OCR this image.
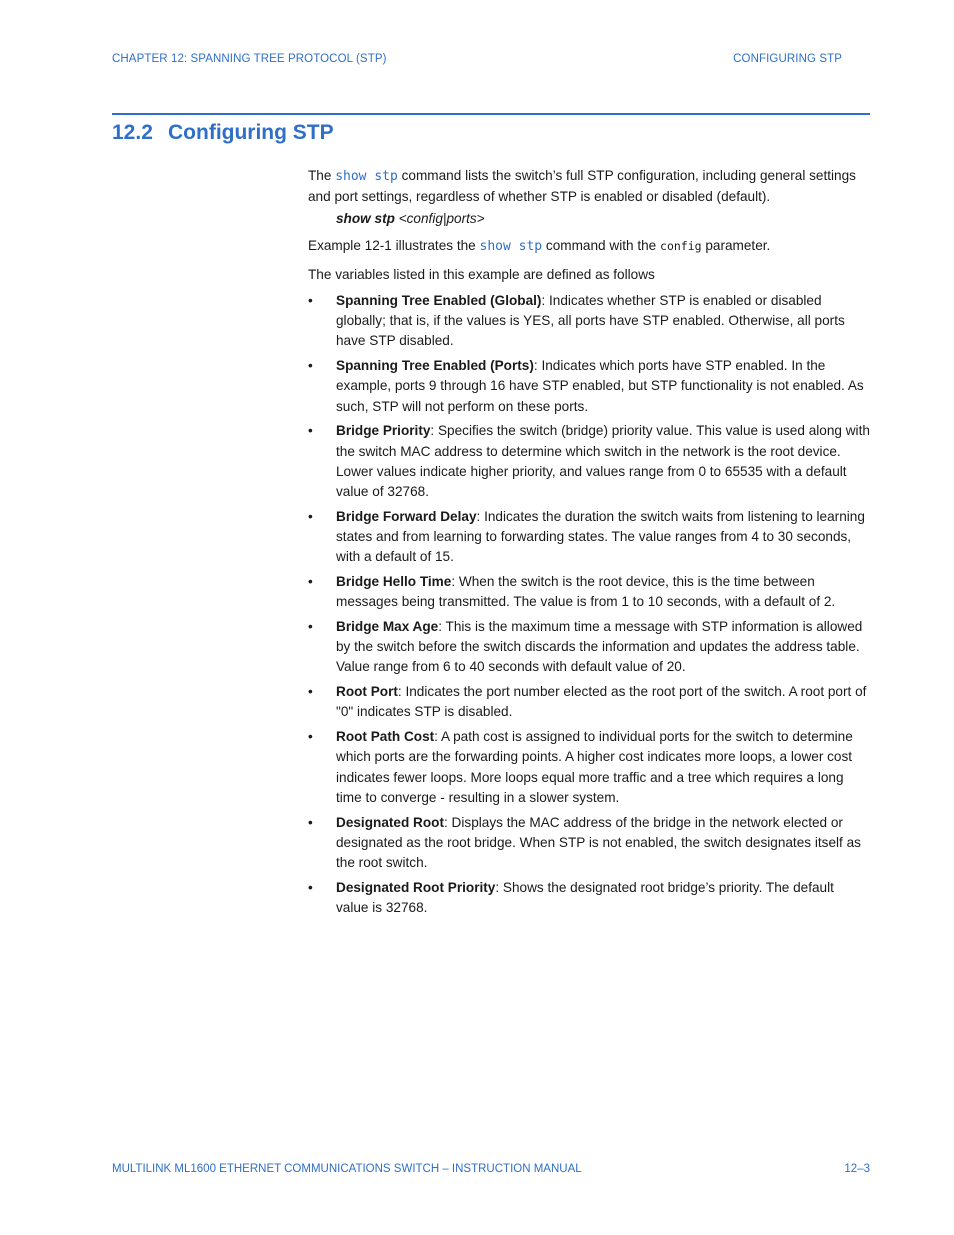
CHAPTER 12: SPANNING TREE PROTOCOL (STP)	CONFIGURING STP
12.2 Configuring STP

The show stp command lists the switch’s full STP configuration, including general settings and port settings, regardless of whether STP is enabled or disabled (default).

show stp <config|ports>

Example 12-1 illustrates the show stp command with the config parameter.

The variables listed in this example are defined as follows

• Spanning Tree Enabled (Global): Indicates whether STP is enabled or disabled globally; that is, if the values is YES, all ports have STP enabled. Otherwise, all ports have STP disabled.
• Spanning Tree Enabled (Ports): Indicates which ports have STP enabled. In the example, ports 9 through 16 have STP enabled, but STP functionality is not enabled. As such, STP will not perform on these ports.
• Bridge Priority: Specifies the switch (bridge) priority value. This value is used along with the switch MAC address to determine which switch in the network is the root device. Lower values indicate higher priority, and values range from 0 to 65535 with a default value of 32768.
• Bridge Forward Delay: Indicates the duration the switch waits from listening to learning states and from learning to forwarding states. The value ranges from 4 to 30 seconds, with a default of 15.
• Bridge Hello Time: When the switch is the root device, this is the time between messages being transmitted. The value is from 1 to 10 seconds, with a default of 2.
• Bridge Max Age: This is the maximum time a message with STP information is allowed by the switch before the switch discards the information and updates the address table. Value range from 6 to 40 seconds with default value of 20.
• Root Port: Indicates the port number elected as the root port of the switch. A root port of "0" indicates STP is disabled.
• Root Path Cost: A path cost is assigned to individual ports for the switch to determine which ports are the forwarding points. A higher cost indicates more loops, a lower cost indicates fewer loops. More loops equal more traffic and a tree which requires a long time to converge - resulting in a slower system.
• Designated Root: Displays the MAC address of the bridge in the network elected or designated as the root bridge. When STP is not enabled, the switch designates itself as the root switch.
• Designated Root Priority: Shows the designated root bridge’s priority. The default value is 32768.
MULTILINK ML1600 ETHERNET COMMUNICATIONS SWITCH – INSTRUCTION MANUAL	12–3
